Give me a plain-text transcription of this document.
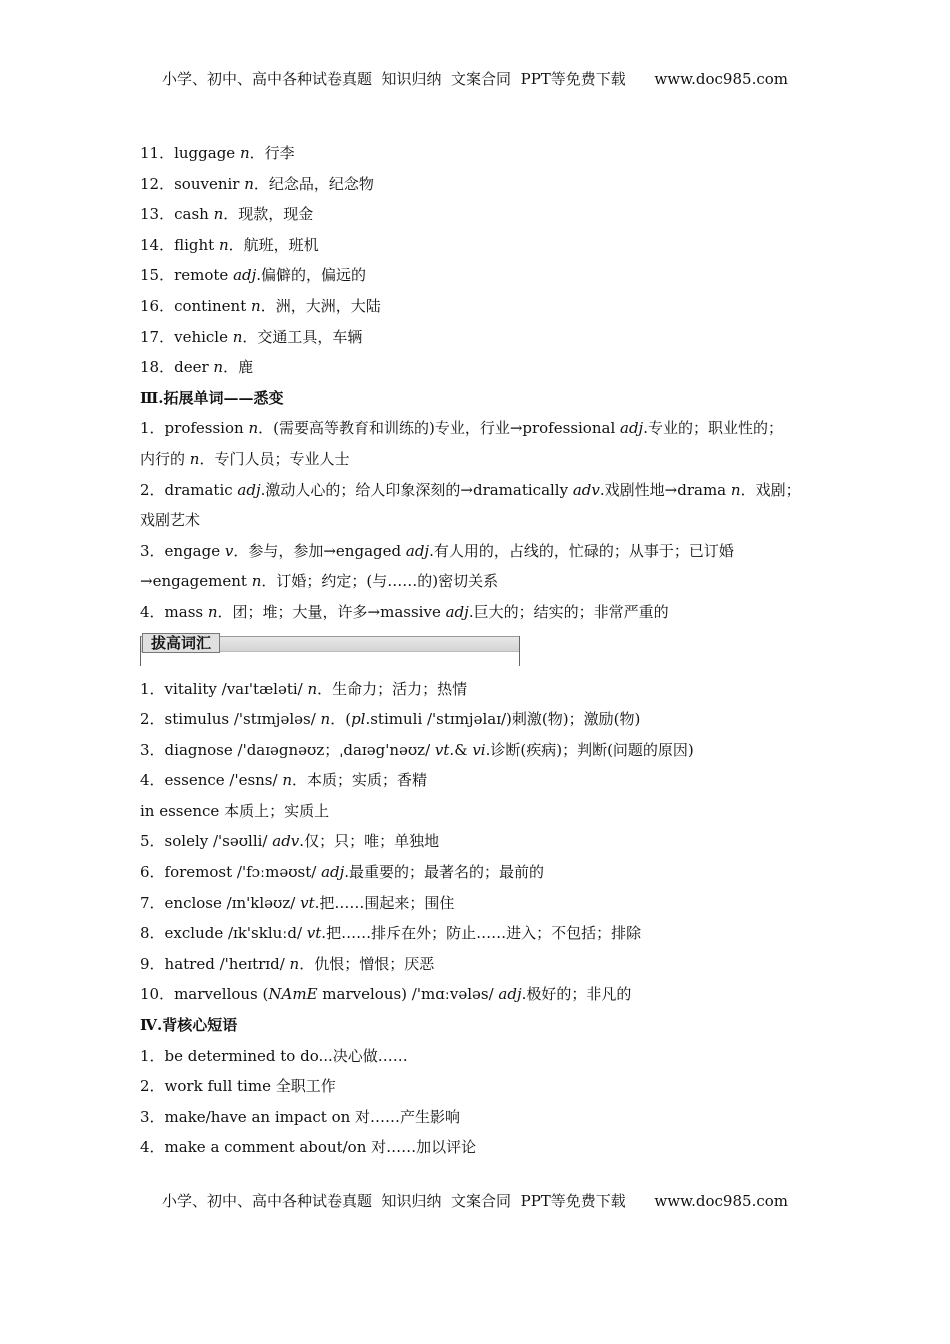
小学、初中、高中各种试卷真题  知识归纳  文案合同  PPT等免费下载      www.doc985.com
11．luggage n．行李
12．souvenir n．纪念品，纪念物
13．cash n．现款，现金
14．flight n．航班，班机
15．remote adj.偏僻的，偏远的
16．continent n．洲，大洲，大陆
17．vehicle n．交通工具，车辆
18．deer n．鹿
Ⅲ.拓展单词——悉变
1．profession n．(需要高等教育和训练的)专业，行业→professional adj.专业的；职业性的；
内行的 n．专门人员；专业人士
2．dramatic adj.激动人心的；给人印象深刻的→dramatically adv.戏剧性地→drama n．戏剧；
戏剧艺术
3．engage v．参与，参加→engaged adj.有人用的，占线的，忙碌的；从事于；已订婚
→engagement n．订婚；约定；(与……的)密切关系
4．mass n．团；堆；大量，许多→massive adj.巨大的；结实的；非常严重的
拔高词汇
1．vitality /vaɪ'tæləti/ n．生命力；活力；热情
2．stimulus /'stɪmjələs/ n．(pl.stimuli /'stɪmjəlaɪ/)刺激(物)；激励(物)
3．diagnose /'daɪəgnəʊz；ˌdaɪəg'nəʊz/ vt.& vi.诊断(疾病)；判断(问题的原因)
4．essence /'esns/ n．本质；实质；香精
in essence 本质上；实质上
5．solely /'səʊlli/ adv.仅；只；唯；单独地
6．foremost /'fɔːməʊst/ adj.最重要的；最著名的；最前的
7．enclose /ɪn'kləʊz/ vt.把……围起来；围住
8．exclude /ɪk'skluːd/ vt.把……排斥在外；防止……进入；不包括；排除
9．hatred /'heɪtrɪd/ n．仇恨；憎恨；厌恶
10．marvellous (NAmE marvelous) /'mɑːvələs/ adj.极好的；非凡的
Ⅳ.背核心短语
1．be determined to do...决心做……
2．work full time 全职工作
3．make/have an impact on 对……产生影响
4．make a comment about/on 对……加以评论
小学、初中、高中各种试卷真题  知识归纳  文案合同  PPT等免费下载      www.doc985.com
